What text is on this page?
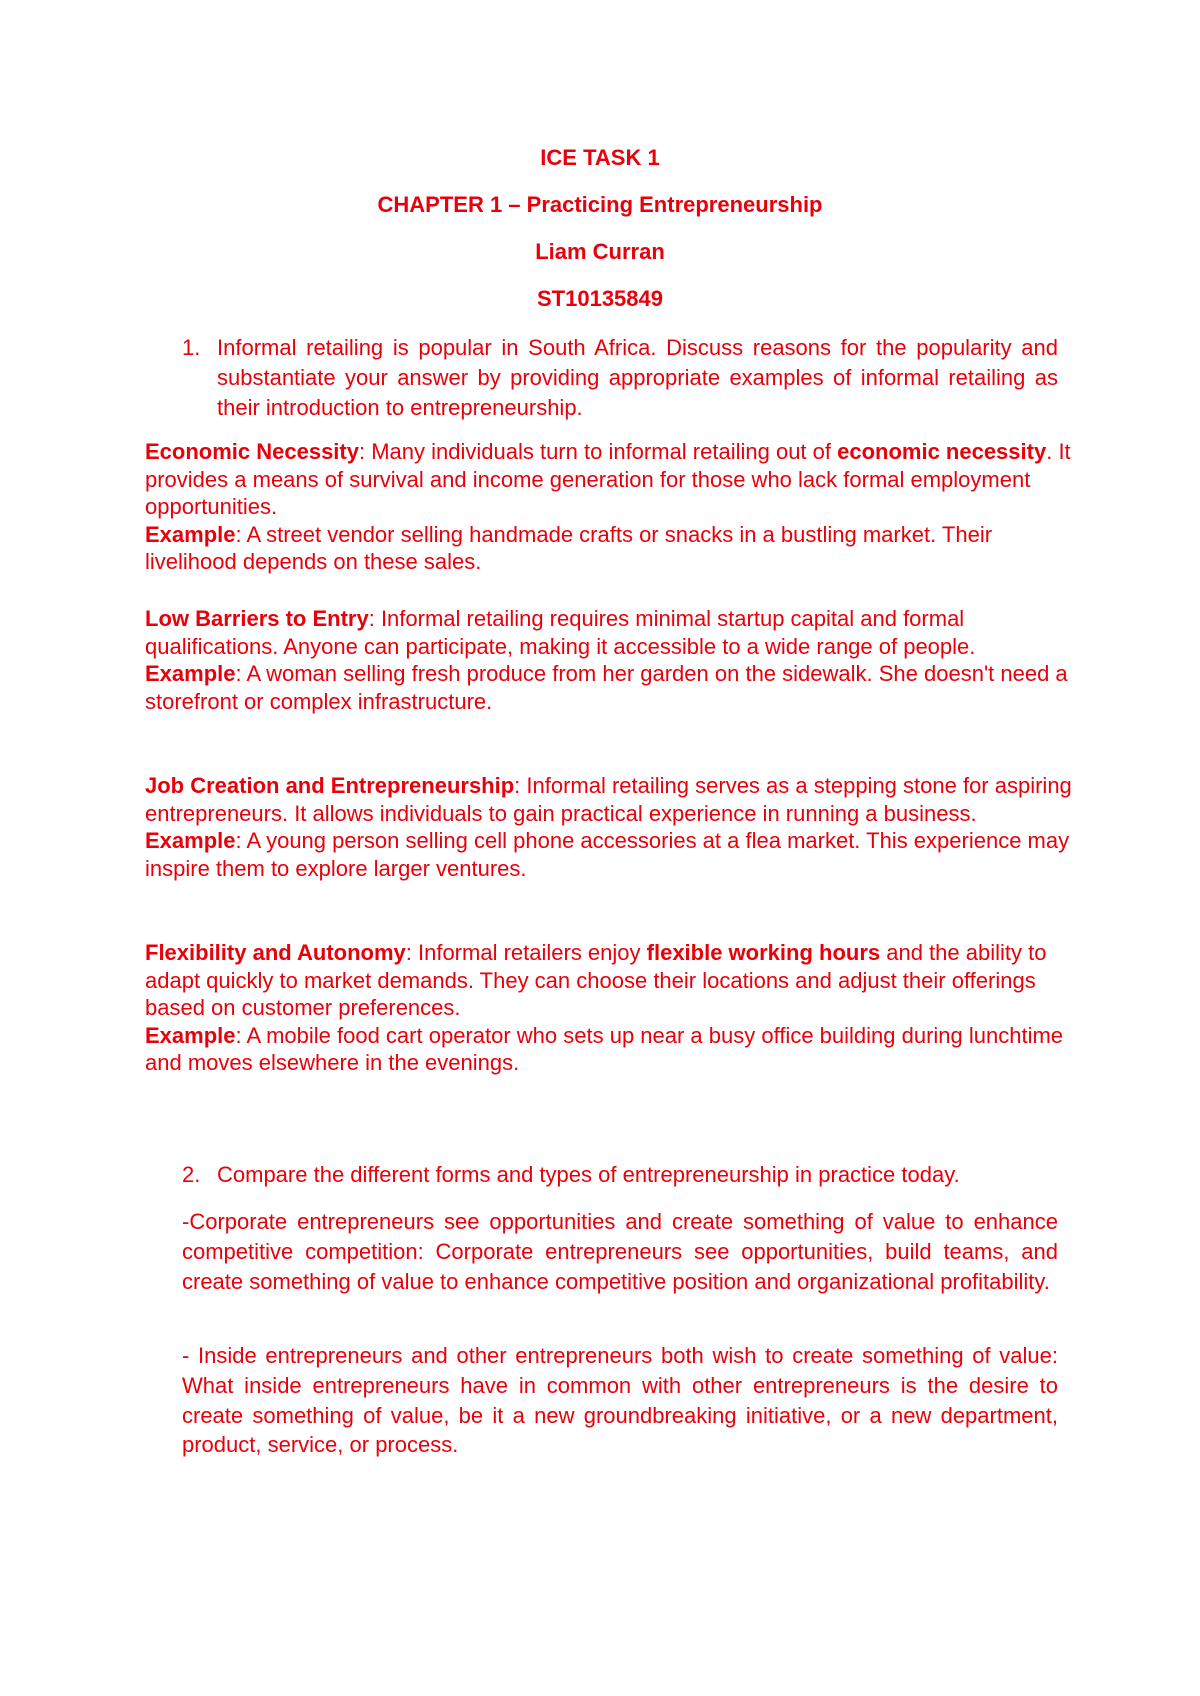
ICE TASK 1
CHAPTER 1 – Practicing Entrepreneurship
Liam Curran
ST10135849
1. Informal retailing is popular in South Africa. Discuss reasons for the popularity and substantiate your answer by providing appropriate examples of informal retailing as their introduction to entrepreneurship.
Economic Necessity: Many individuals turn to informal retailing out of economic necessity. It provides a means of survival and income generation for those who lack formal employment opportunities.
Example: A street vendor selling handmade crafts or snacks in a bustling market. Their livelihood depends on these sales.
Low Barriers to Entry: Informal retailing requires minimal startup capital and formal qualifications. Anyone can participate, making it accessible to a wide range of people.
Example: A woman selling fresh produce from her garden on the sidewalk. She doesn't need a storefront or complex infrastructure.
Job Creation and Entrepreneurship: Informal retailing serves as a stepping stone for aspiring entrepreneurs. It allows individuals to gain practical experience in running a business.
Example: A young person selling cell phone accessories at a flea market. This experience may inspire them to explore larger ventures.
Flexibility and Autonomy: Informal retailers enjoy flexible working hours and the ability to adapt quickly to market demands. They can choose their locations and adjust their offerings based on customer preferences.
Example: A mobile food cart operator who sets up near a busy office building during lunchtime and moves elsewhere in the evenings.
2. Compare the different forms and types of entrepreneurship in practice today.
-Corporate entrepreneurs see opportunities and create something of value to enhance competitive competition: Corporate entrepreneurs see opportunities, build teams, and create something of value to enhance competitive position and organizational profitability.
- Inside entrepreneurs and other entrepreneurs both wish to create something of value: What inside entrepreneurs have in common with other entrepreneurs is the desire to create something of value, be it a new groundbreaking initiative, or a new department, product, service, or process.
